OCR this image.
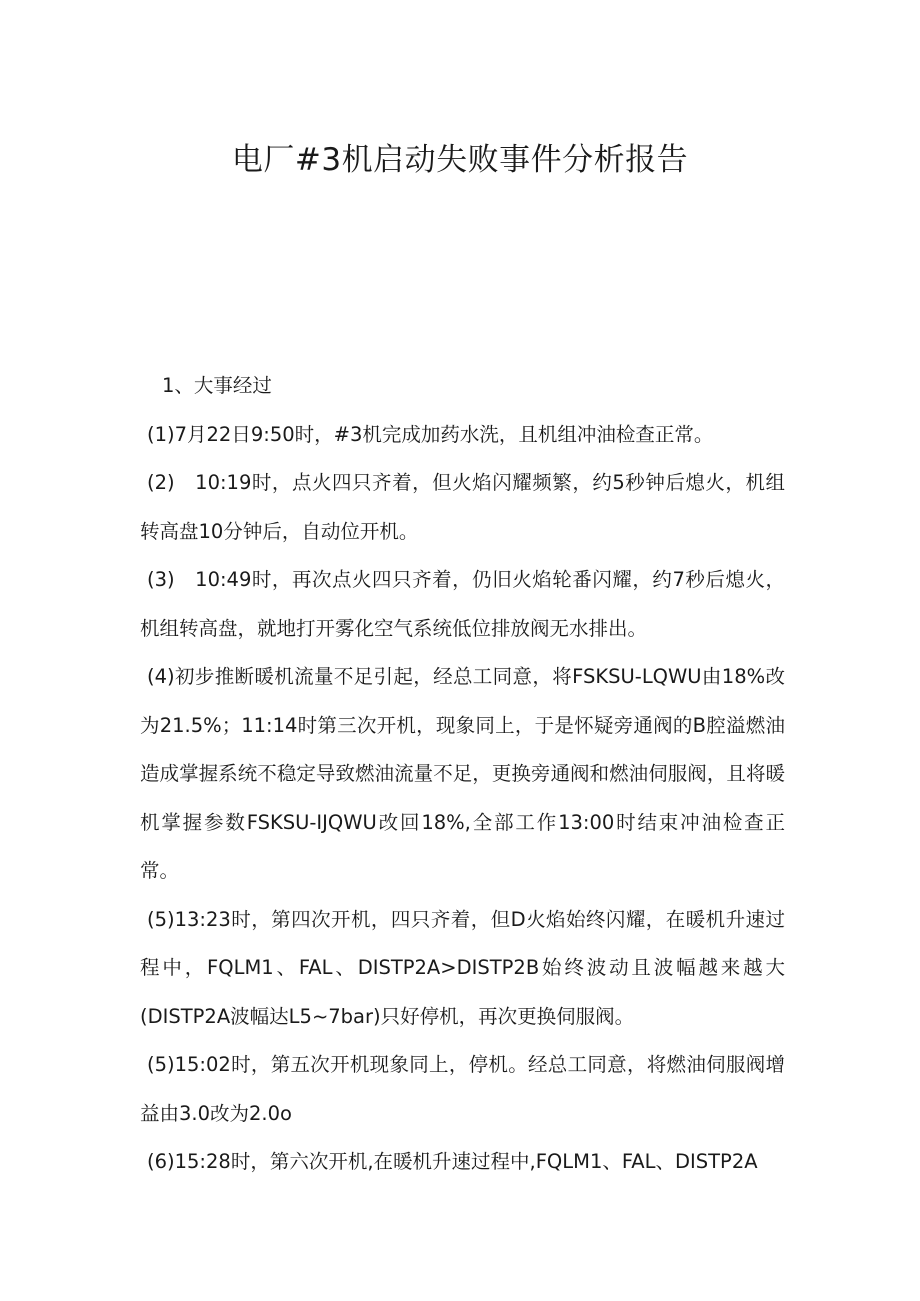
电厂#3机启动失败事件分析报告

1、大事经过

(1)7月22日9:50时，#3机完成加药水洗，且机组冲油检查正常。

(2)　10:19时，点火四只齐着，但火焰闪耀频繁，约5秒钟后熄火，机组转高盘10分钟后，自动位开机。

(3)　10:49时，再次点火四只齐着，仍旧火焰轮番闪耀，约7秒后熄火，机组转高盘，就地打开雾化空气系统低位排放阀无水排出。

(4)初步推断暖机流量不足引起，经总工同意，将FSKSU-LQWU由18%改为21.5%；11:14时第三次开机，现象同上，于是怀疑旁通阀的B腔溢燃油造成掌握系统不稳定导致燃油流量不足，更换旁通阀和燃油伺服阀，且将暖机掌握参数FSKSU-IJQWU改回18%,全部工作13:00时结束冲油检查正常。

(5)13:23时，第四次开机，四只齐着，但D火焰始终闪耀，在暖机升速过程中，FQLM1、FAL、DISTP2A>DISTP2B始终波动且波幅越来越大(DISTP2A波幅达L5~7bar)只好停机，再次更换伺服阀。

(5)15:02时，第五次开机现象同上，停机。经总工同意，将燃油伺服阀增益由3.0改为2.0o

(6)15:28时，第六次开机,在暖机升速过程中,FQLM1、FAL、DISTP2A
